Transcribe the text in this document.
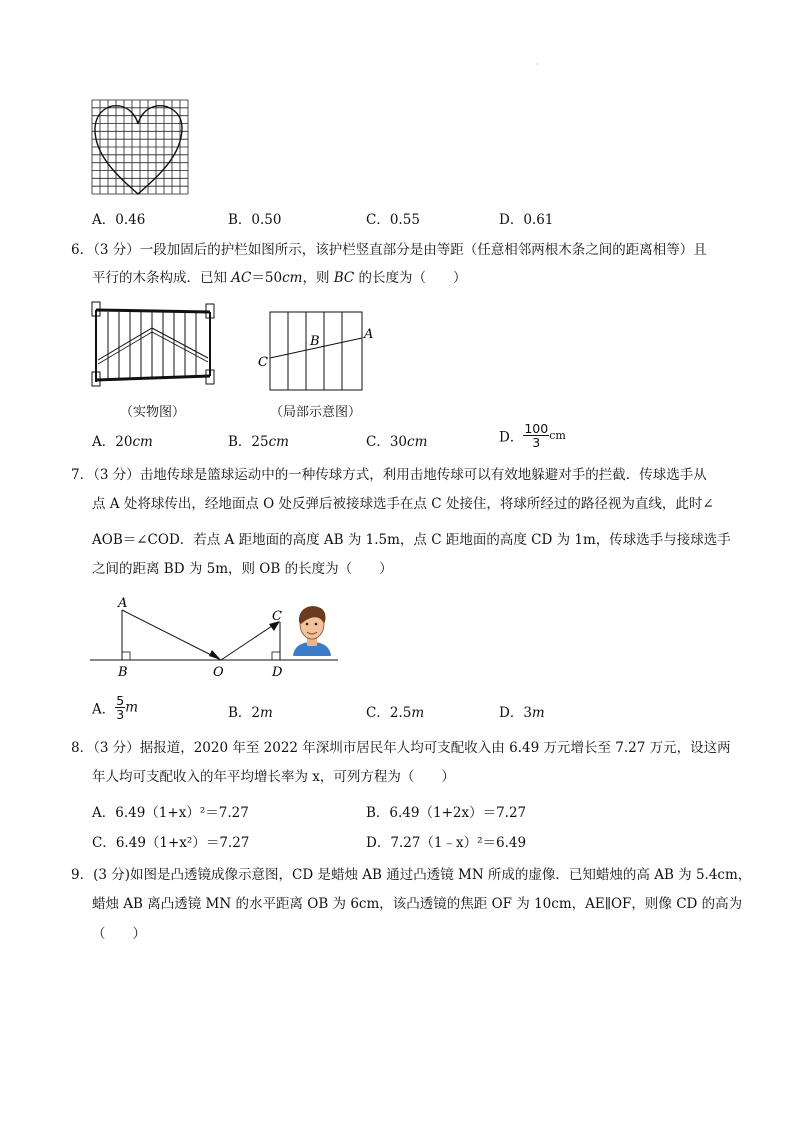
·
A．0.46	B．0.50	C．0.55	D．0.61
6．（3 分）一段加固后的护栏如图所示，该护栏竖直部分是由等距（任意相邻两根木条之间的距离相等）且
平行的木条构成．已知 AC＝50cm，则 BC 的长度为（　　）
（实物图）
C
B	A
（局部示意图）
A．20cm	B．25cm	C．30cm	D． $\frac{100}{3}$ cm
7．（3 分）击地传球是篮球运动中的一种传球方式，利用击地传球可以有效地躲避对手的拦截．传球选手从
点 A 处将球传出，经地面点 O 处反弹后被接球选手在点 C 处接住，将球所经过的路径视为直线，此时∠
AOB＝∠COD．若点 A 距地面的高度 AB 为 1.5m，点 C 距地面的高度 CD 为 1m，传球选手与接球选手
之间的距离 BD 为 5m，则 OB 的长度为（　　）
A
B	O
C
D
A． $\frac{5}{3}$ m	B．2m	C．2.5m	D．3m
8．（3 分）据报道，2020 年至 2022 年深圳市居民年人均可支配收入由 6.49 万元增长至 7.27 万元，设这两
年人均可支配收入的年平均增长率为 x，可列方程为（　　）
A．6.49（1+x）²＝7.27	B．6.49（1+2x）＝7.27
C．6.49（1+x²）＝7.27	D．7.27（1﹣x）²＝6.49
9．(3 分)如图是凸透镜成像示意图，CD 是蜡烛 AB 通过凸透镜 MN 所成的虚像．已知蜡烛的高 AB 为 5.4cm，
蜡烛 AB 离凸透镜 MN 的水平距离 OB 为 6cm，该凸透镜的焦距 OF 为 10cm，AE∥OF，则像 CD 的高为
（　　）
